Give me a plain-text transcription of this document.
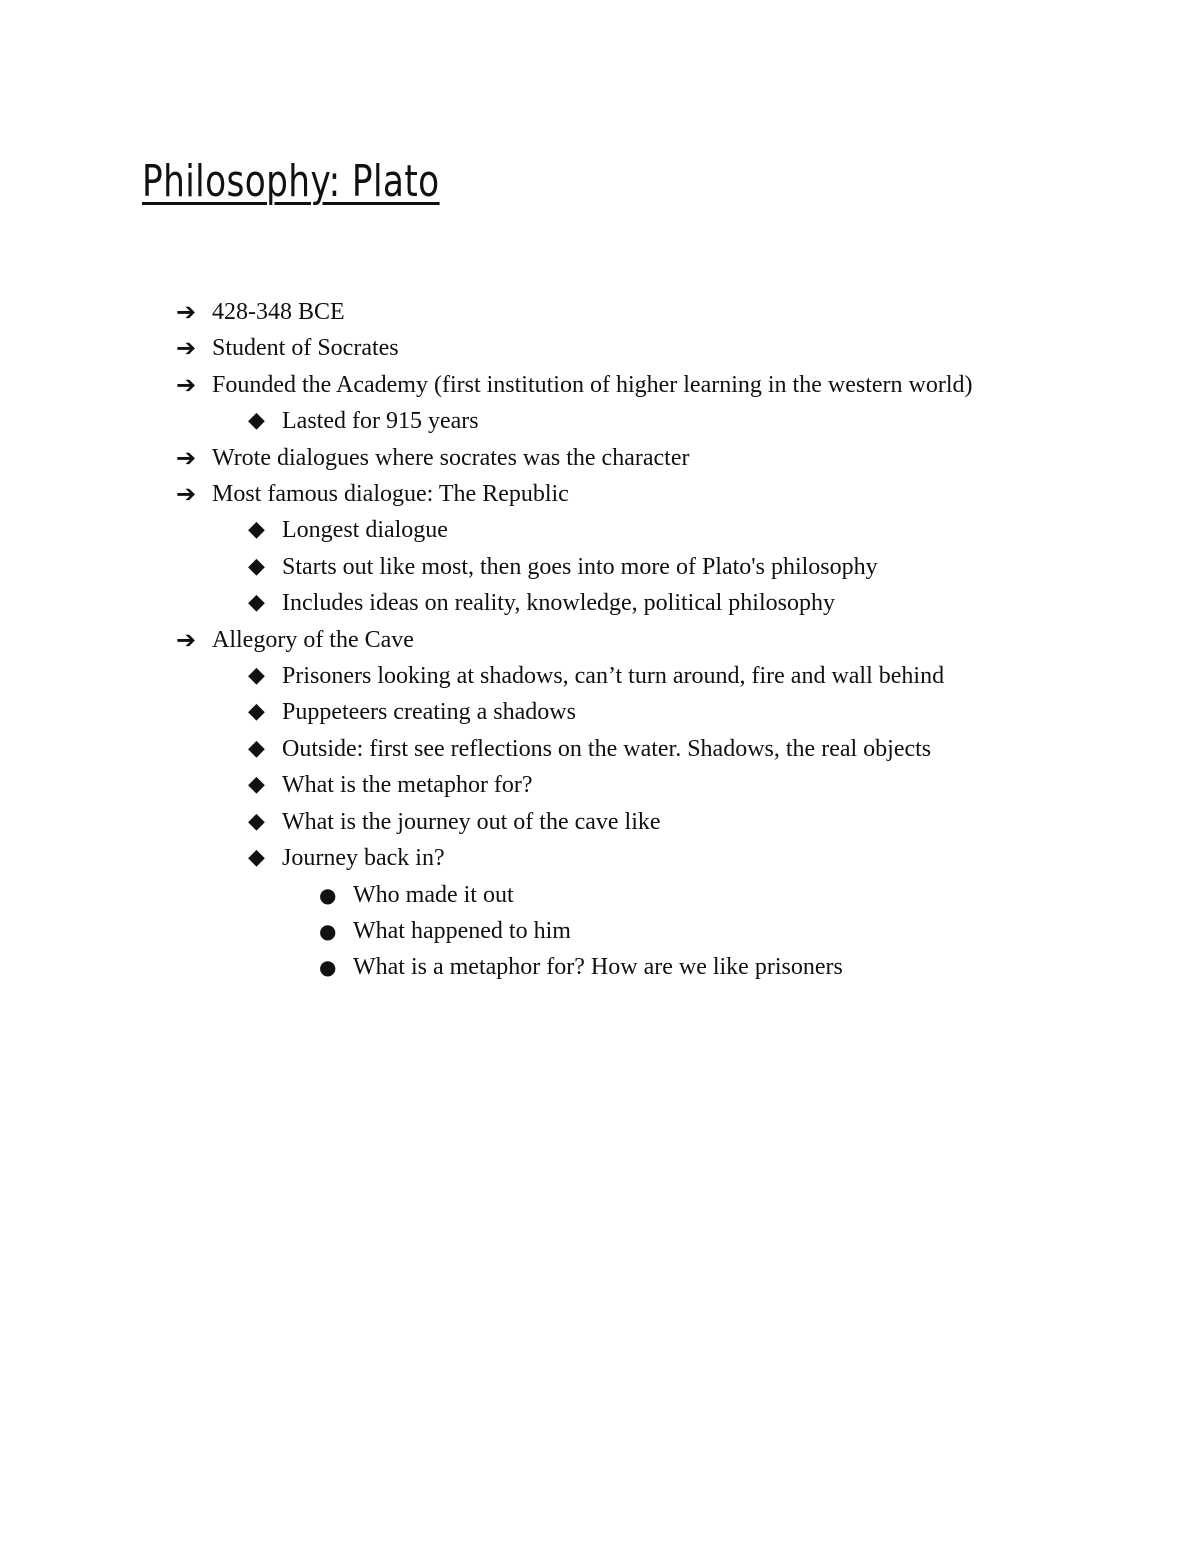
Philosophy: Plato
➔ 428-348 BCE
➔ Student of Socrates
➔ Founded the Academy (first institution of higher learning in the western world)
◆ Lasted for 915 years
➔ Wrote dialogues where socrates was the character
➔ Most famous dialogue: The Republic
◆ Longest dialogue
◆ Starts out like most, then goes into more of Plato's philosophy
◆ Includes ideas on reality, knowledge, political philosophy
➔ Allegory of the Cave
◆ Prisoners looking at shadows, can’t turn around, fire and wall behind
◆ Puppeteers creating a shadows
◆ Outside: first see reflections on the water. Shadows, the real objects
◆ What is the metaphor for?
◆ What is the journey out of the cave like
◆ Journey back in?
● Who made it out
● What happened to him
● What is a metaphor for? How are we like prisoners
